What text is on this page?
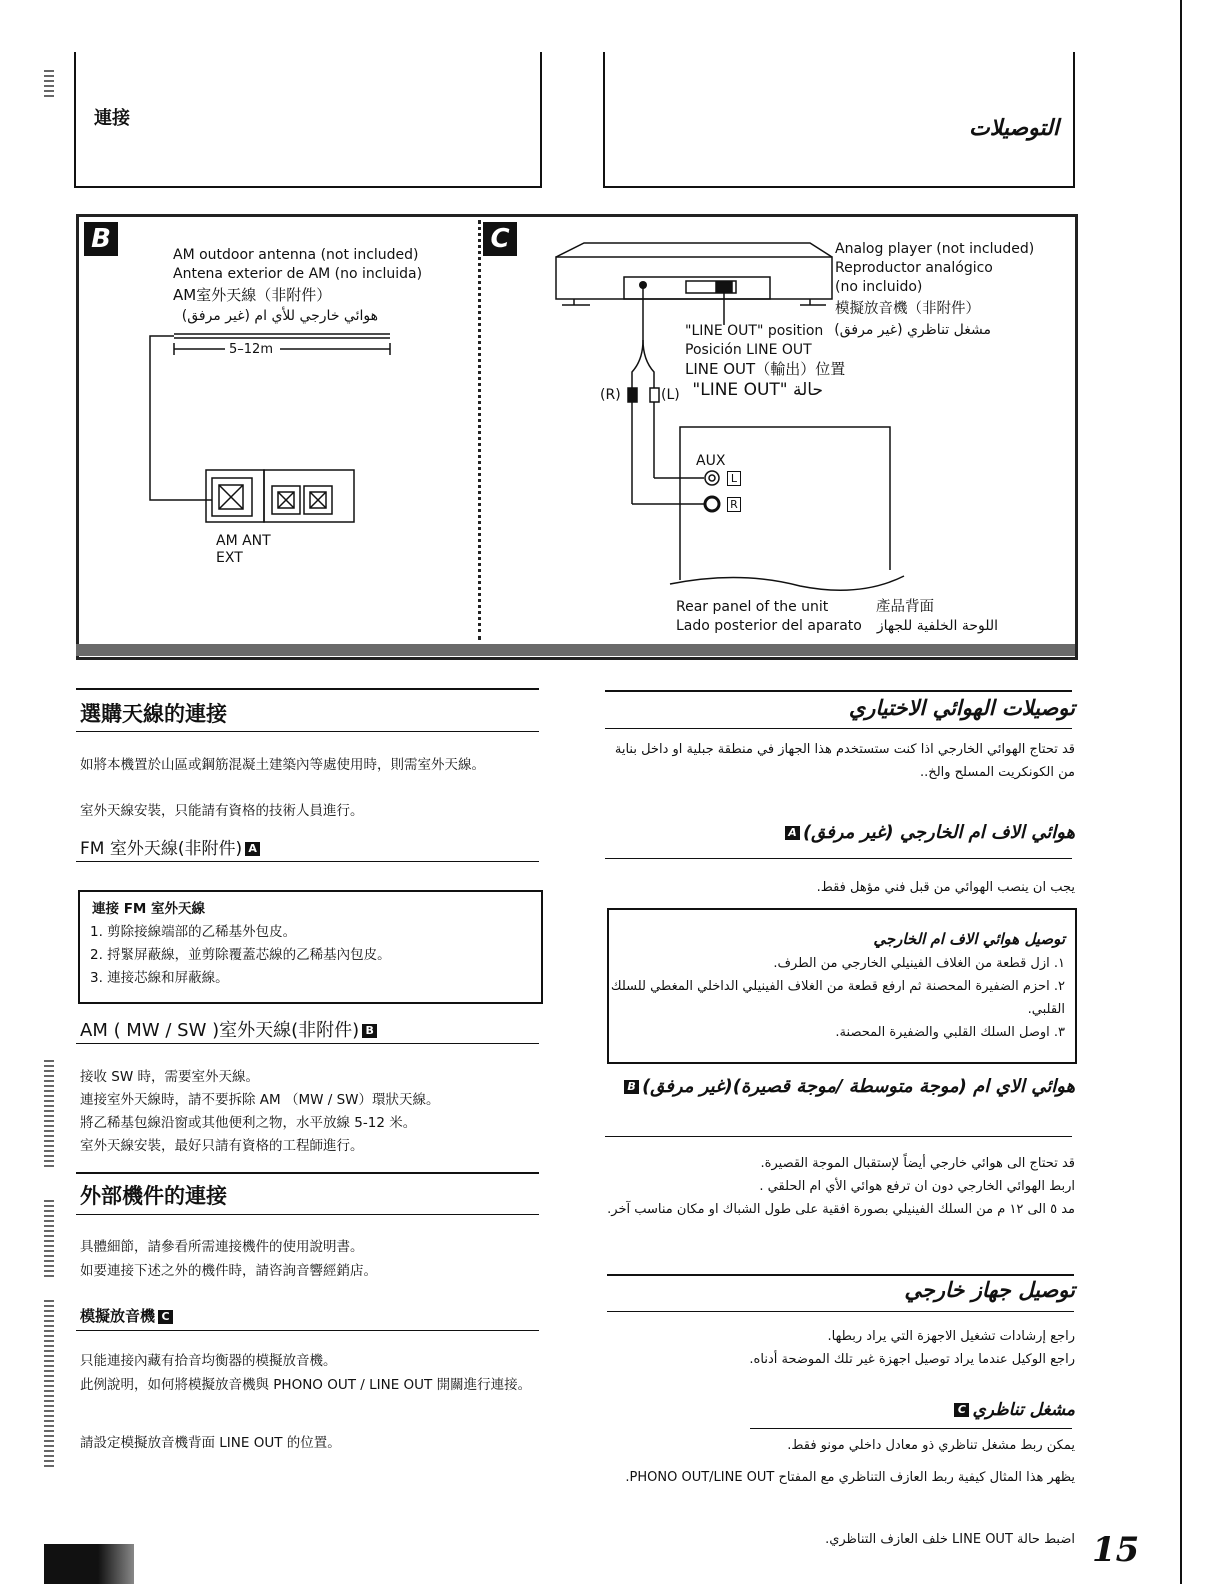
連接	التوصيلات
B
AM outdoor antenna (not included)
Antena exterior de AM (no incluida)
AM室外天線（非附件）
هوائي خارجي للأي ام (غير مرفق)
5–12m
AM ANT
EXT
C	Analog player (not included)
Reproductor analógico
(no incluido)
模擬放音機（非附件）
مشغل تناظري (غير مرفق)
"LINE OUT" position
Posición LINE OUT
LINE OUT（輸出）位置
حالة "LINE OUT"
(R)	(L)
AUX
L
R
Rear panel of the unit
Lado posterior del aparato
產品背面
اللوحة الخلفية للجهاز
選購天線的連接
如將本機置於山區或鋼筋混凝土建築內等處使用時，則需室外天線。
室外天線安裝，只能請有資格的技術人員進行。
FM 室外天線(非附件) A
連接 FM 室外天線
1. 剪除接線端部的乙稀基外包皮。
2. 捋緊屏蔽線，並剪除覆蓋芯線的乙稀基內包皮。
3. 連接芯線和屏蔽線。
AM ( MW / SW )室外天線(非附件) B
接收 SW 時，需要室外天線。
連接室外天線時，請不要拆除 AM （MW / SW）環狀天線。
將乙稀基包線沿窗或其他便利之物，水平放線 5-12 米。
室外天線安裝，最好只請有資格的工程師進行。
外部機件的連接
具體細節，請參看所需連接機件的使用說明書。
如要連接下述之外的機件時，請咨詢音響經銷店。
模擬放音機 C
只能連接內藏有拾音均衡器的模擬放音機。
此例說明，如何將模擬放音機與 PHONO OUT / LINE OUT 開關進行連接。
請設定模擬放音機背面 LINE OUT 的位置。
توصيلات الهوائي الاختياري
قد تحتاج الهوائي الخارجي اذا كنت ستستخدم هذا الجهاز في منطقة جبلية او داخل بناية من الكونكريت المسلح والخ..
هوائي الاف ام الخارجي (غير مرفق)A
يجب ان ينصب الهوائي من قبل فني مؤهل فقط.
توصيل هوائي الاف ام الخارجي
١. ازل قطعة من الغلاف الفينيلي الخارجي من الطرف.
٢. احزم الضفيرة المحصنة ثم ارفع قطعة من الغلاف الفينيلي الداخلي المغطي للسلك القلبي.
٣. اوصل السلك القلبي والضفيرة المحصنة.
هوائي الاي ام (موجة متوسطة /موجة قصيرة)(غير مرفق)B
قد تحتاج الى هوائي خارجي أيضاً لإستقبال الموجة القصيرة.
اربط الهوائي الخارجي دون ان ترفع هوائي الأي ام الحلقي .
مد ٥ الى ١٢ م من السلك الفينيلي بصورة افقية على طول الشباك او مكان مناسب آخر.
توصيل جهاز خارجي
راجع إرشادات تشغيل الاجهزة التي يراد ربطها.
راجع الوكيل عندما يراد توصيل اجهزة غير تلك الموضحة أدناه.
مشغل تناظريC
يمكن ربط مشغل تناظري ذو معادل داخلي مونو فقط.
يظهر هذا المثال كيفية ربط العازف التناظري مع المفتاح PHONO OUT/LINE OUT.
اضبط حالة LINE OUT خلف العازف التناظري. 15
